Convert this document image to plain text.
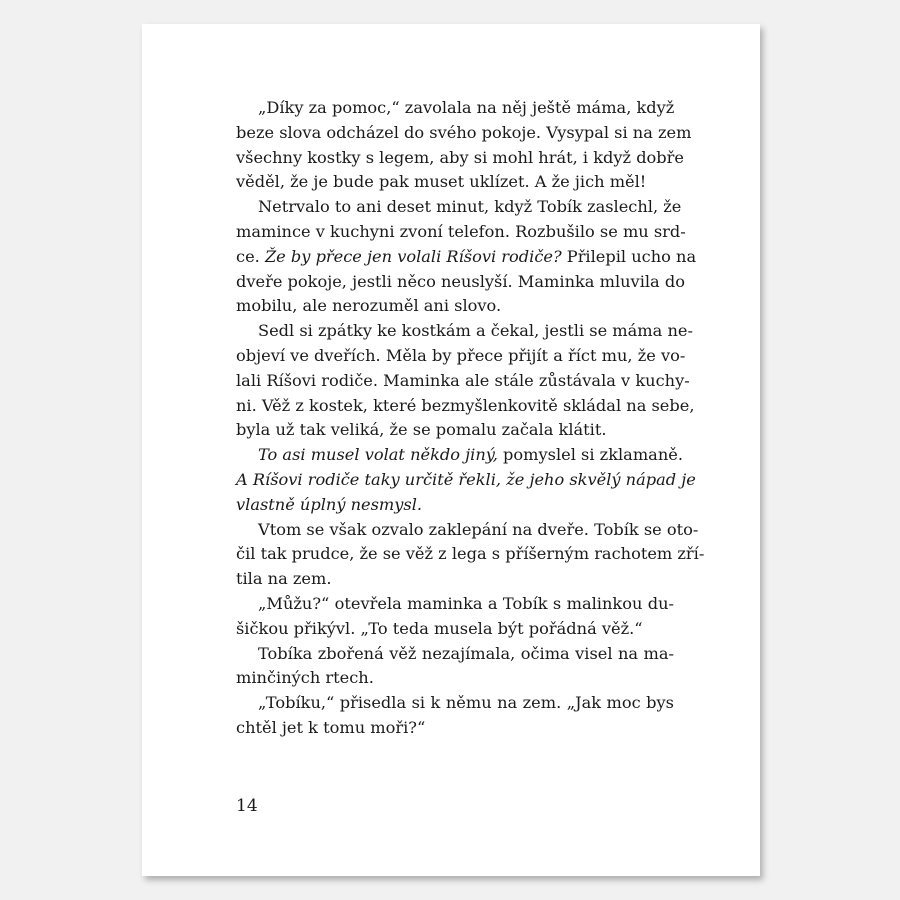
„Díky za pomoc,“ zavolala na něj ještě máma, když
beze slova odcházel do svého pokoje. Vysypal si na zem
všechny kostky s legem, aby si mohl hrát, i když dobře
věděl, že je bude pak muset uklízet. A že jich měl!
Netrvalo to ani deset minut, když Tobík zaslechl, že
mamince v kuchyni zvoní telefon. Rozbušilo se mu srd-
ce. Že by přece jen volali Ríšovi rodiče? Přilepil ucho na
dveře pokoje, jestli něco neuslyší. Maminka mluvila do
mobilu, ale nerozuměl ani slovo.
Sedl si zpátky ke kostkám a čekal, jestli se máma ne-
objeví ve dveřích. Měla by přece přijít a říct mu, že vo-
lali Ríšovi rodiče. Maminka ale stále zůstávala v kuchy-
ni. Věž z kostek, které bezmyšlenkovitě skládal na sebe,
byla už tak veliká, že se pomalu začala klátit.
To asi musel volat někdo jiný, pomyslel si zklamaně.
A Ríšovi rodiče taky určitě řekli, že jeho skvělý nápad je
vlastně úplný nesmysl.
Vtom se však ozvalo zaklepání na dveře. Tobík se oto-
čil tak prudce, že se věž z lega s příšerným rachotem zří-
tila na zem.
„Můžu?“ otevřela maminka a Tobík s malinkou du-
šičkou přikývl. „To teda musela být pořádná věž.“
Tobíka zbořená věž nezajímala, očima visel na ma-
minčiných rtech.
„Tobíku,“ přisedla si k němu na zem. „Jak moc bys
chtěl jet k tomu moři?“
14
